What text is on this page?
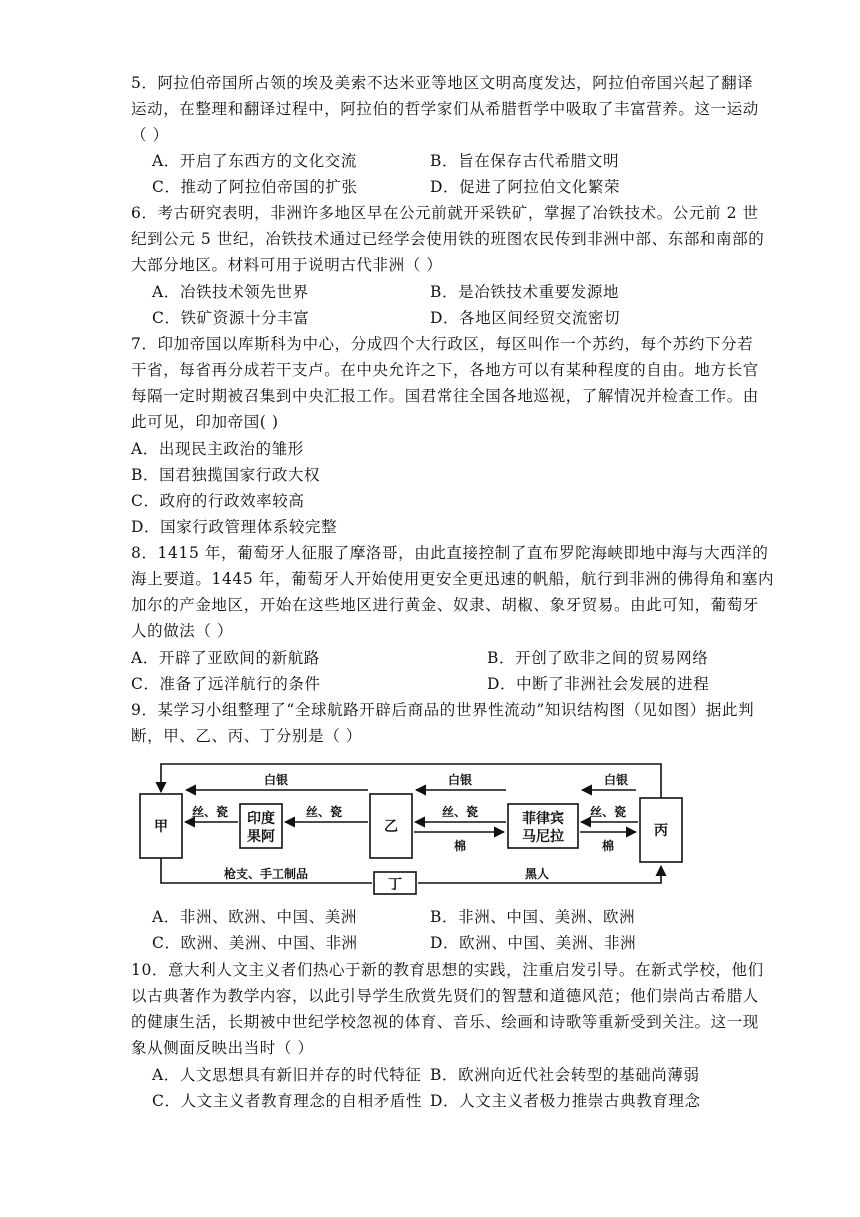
5．阿拉伯帝国所占领的埃及美索不达米亚等地区文明高度发达，阿拉伯帝国兴起了翻译
运动，在整理和翻译过程中，阿拉伯的哲学家们从希腊哲学中吸取了丰富营养。这一运动
（ ）
A．开启了东西方的文化交流	B．旨在保存古代希腊文明
C．推动了阿拉伯帝国的扩张	D．促进了阿拉伯文化繁荣
6．考古研究表明，非洲许多地区早在公元前就开采铁矿，掌握了冶铁技术。公元前 2 世
纪到公元 5 世纪，冶铁技术通过已经学会使用铁的班图农民传到非洲中部、东部和南部的
大部分地区。材料可用于说明古代非洲（ ）
A．冶铁技术领先世界	B．是冶铁技术重要发源地
C．铁矿资源十分丰富	D．各地区间经贸交流密切
7．印加帝国以库斯科为中心，分成四个大行政区，每区叫作一个苏约，每个苏约下分若
干省，每省再分成若干支卢。在中央允许之下，各地方可以有某种程度的自由。地方长官
每隔一定时期被召集到中央汇报工作。国君常往全国各地巡视，了解情况并检查工作。由
此可见，印加帝国( )
A．出现民主政治的雏形
B．国君独揽国家行政大权
C．政府的行政效率较高
D．国家行政管理体系较完整
8．1415 年，葡萄牙人征服了摩洛哥，由此直接控制了直布罗陀海峡即地中海与大西洋的
海上要道。1445 年，葡萄牙人开始使用更安全更迅速的帆船，航行到非洲的佛得角和塞内
加尔的产金地区，开始在这些地区进行黄金、奴隶、胡椒、象牙贸易。由此可知，葡萄牙
人的做法（ ）
A．开辟了亚欧间的新航路	B．开创了欧非之间的贸易网络
C．准备了远洋航行的条件	D．中断了非洲社会发展的进程
9．某学习小组整理了“全球航路开辟后商品的世界性流动”知识结构图（见如图）据此判
断，甲、乙、丙、丁分别是（ ）
甲	印度
果阿
乙	菲律宾
马尼拉	丙
丁
白银	白银	白银
丝、瓷	丝、瓷	丝、瓷	丝、瓷
棉	棉
枪支、手工制品	黑人
A．非洲、欧洲、中国、美洲	B．非洲、中国、美洲、欧洲
C．欧洲、美洲、中国、非洲	D．欧洲、中国、美洲、非洲
10．意大利人文主义者们热心于新的教育思想的实践，注重启发引导。在新式学校，他们
以古典著作为教学内容，以此引导学生欣赏先贤们的智慧和道德风范；他们崇尚古希腊人
的健康生活，长期被中世纪学校忽视的体育、音乐、绘画和诗歌等重新受到关注。这一现
象从侧面反映出当时（ ）
A．人文思想具有新旧并存的时代特征 B．欧洲向近代社会转型的基础尚薄弱
C．人文主义者教育理念的自相矛盾性 D．人文主义者极力推崇古典教育理念
